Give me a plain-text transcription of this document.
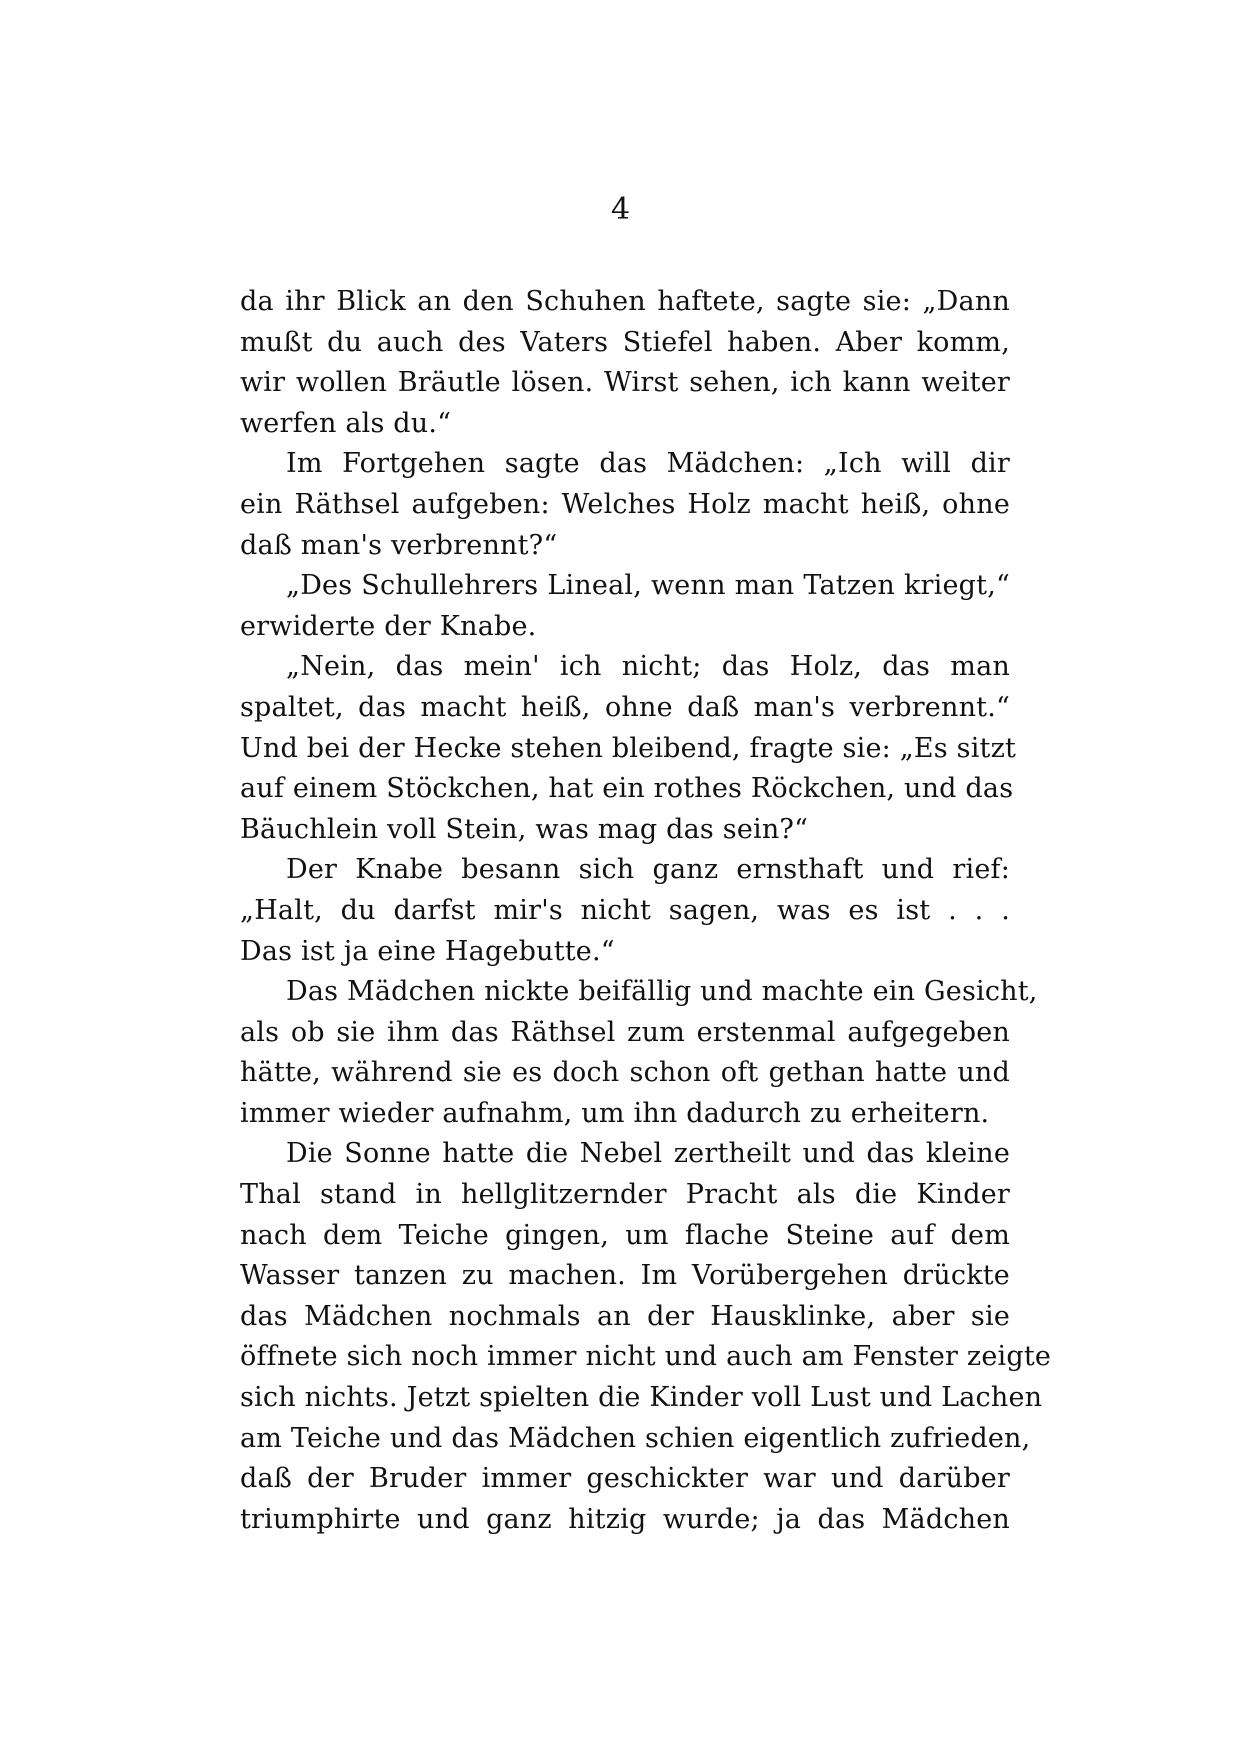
4
da ihr Blick an den Schuhen haftete, sagte sie: „Dann
mußt du auch des Vaters Stiefel haben. Aber komm,
wir wollen Bräutle lösen. Wirst sehen, ich kann weiter
werfen als du.“
Im Fortgehen sagte das Mädchen: „Ich will dir
ein Räthsel aufgeben: Welches Holz macht heiß, ohne
daß man's verbrennt?“
„Des Schullehrers Lineal, wenn man Tatzen kriegt,“
erwiderte der Knabe.
„Nein, das mein' ich nicht; das Holz, das man
spaltet, das macht heiß, ohne daß man's verbrennt.“
Und bei der Hecke stehen bleibend, fragte sie: „Es sitzt
auf einem Stöckchen, hat ein rothes Röckchen, und das
Bäuchlein voll Stein, was mag das sein?“
Der Knabe besann sich ganz ernsthaft und rief:
„Halt, du darfst mir's nicht sagen, was es ist . . .
Das ist ja eine Hagebutte.“
Das Mädchen nickte beifällig und machte ein Gesicht,
als ob sie ihm das Räthsel zum erstenmal aufgegeben
hätte, während sie es doch schon oft gethan hatte und
immer wieder aufnahm, um ihn dadurch zu erheitern.
Die Sonne hatte die Nebel zertheilt und das kleine
Thal stand in hellglitzernder Pracht als die Kinder
nach dem Teiche gingen, um flache Steine auf dem
Wasser tanzen zu machen. Im Vorübergehen drückte
das Mädchen nochmals an der Hausklinke, aber sie
öffnete sich noch immer nicht und auch am Fenster zeigte
sich nichts. Jetzt spielten die Kinder voll Lust und Lachen
am Teiche und das Mädchen schien eigentlich zufrieden,
daß der Bruder immer geschickter war und darüber
triumphirte und ganz hitzig wurde; ja das Mädchen
